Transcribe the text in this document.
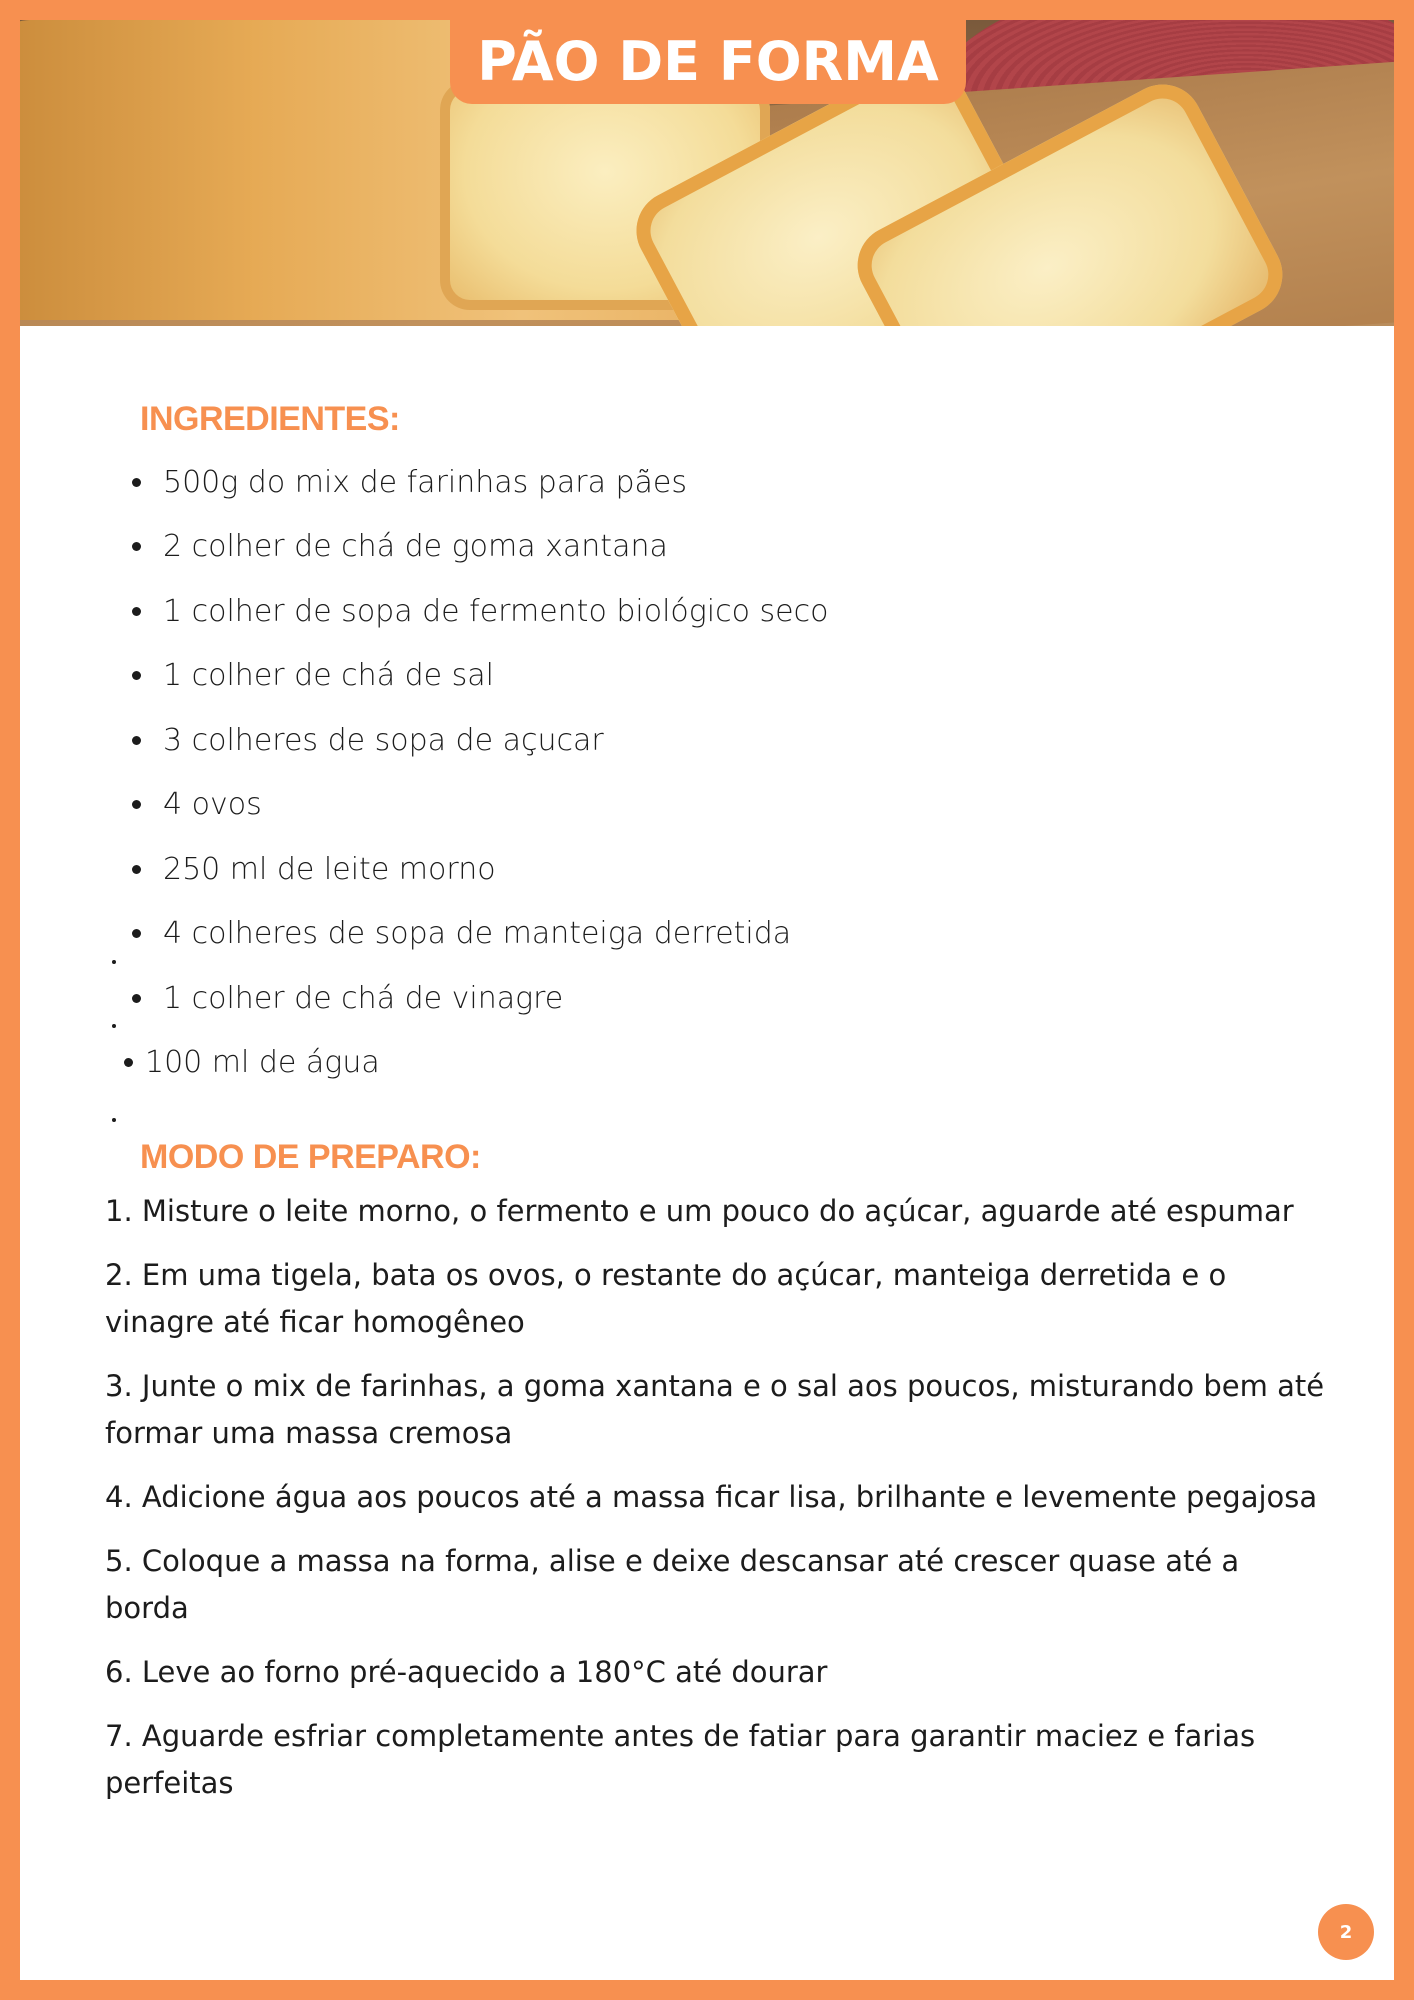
PÃO DE FORMA
INGREDIENTES:
500g do mix de farinhas para pães
2 colher de chá de goma xantana
1 colher de sopa de fermento biológico seco
1 colher de chá de sal
3 colheres de sopa de açucar
4 ovos
250 ml de leite morno
4 colheres de sopa de manteiga derretida
1 colher de chá de vinagre
100 ml de água
MODO DE PREPARO:
1. Misture o leite morno, o fermento e um pouco do açúcar, aguarde até espumar
2. Em uma tigela, bata os ovos, o restante do açúcar, manteiga derretida e o vinagre até ficar homogêneo
3. Junte o mix de farinhas, a goma xantana e o sal aos poucos, misturando bem até formar uma massa cremosa
4. Adicione água aos poucos até a massa ficar lisa, brilhante e levemente pegajosa
5. Coloque a massa na forma, alise e deixe descansar até crescer quase até a borda
6. Leve ao forno pré-aquecido a 180°C até dourar
7. Aguarde esfriar completamente antes de fatiar para garantir maciez e farias perfeitas
2
